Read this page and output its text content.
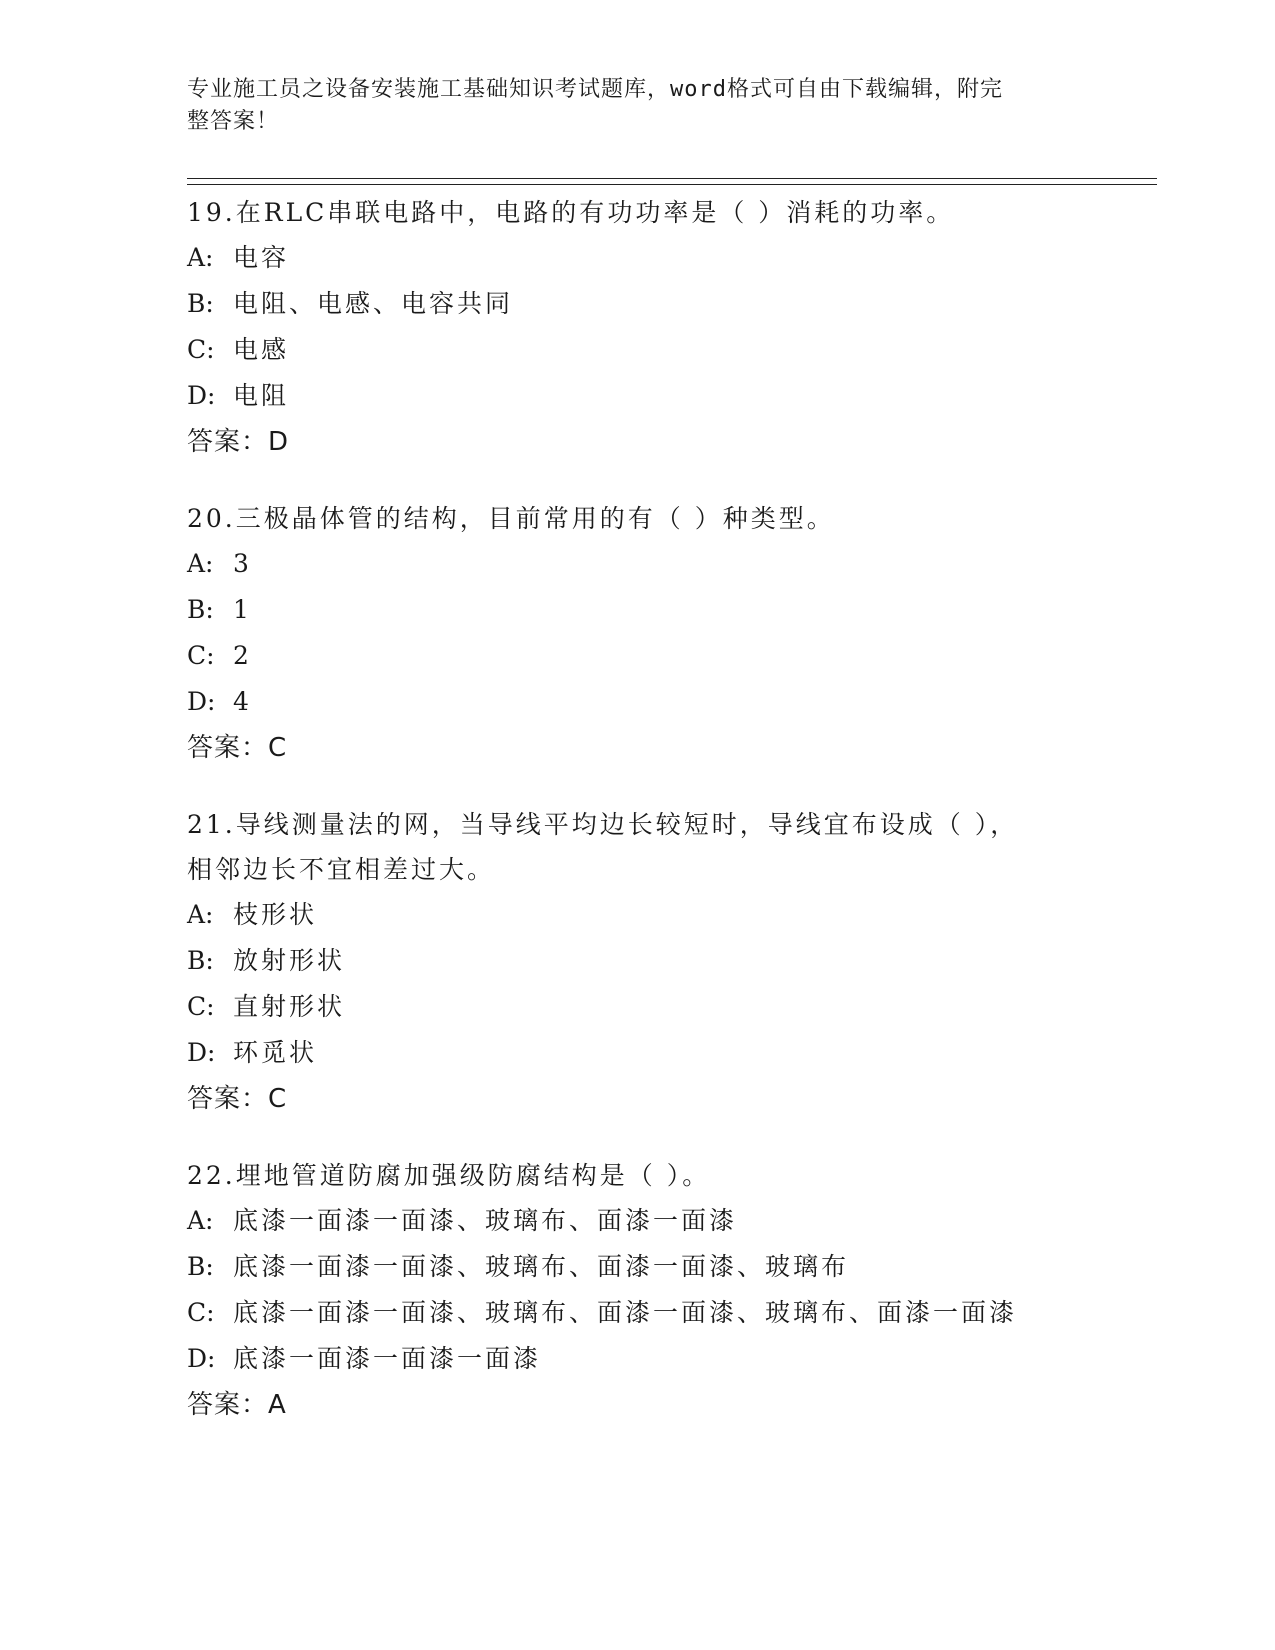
专业施工员之设备安装施工基础知识考试题库，word格式可自由下载编辑，附完
整答案！
19.在RLC串联电路中，电路的有功功率是（ ）消耗的功率。
A: 电容
B: 电阻、电感、电容共同
C: 电感
D: 电阻
答案：D
20.三极晶体管的结构，目前常用的有（ ）种类型。
A: 3
B: 1
C: 2
D: 4
答案：C
21.导线测量法的网，当导线平均边长较短时，导线宜布设成（ ），
相邻边长不宜相差过大。
A: 枝形状
B: 放射形状
C: 直射形状
D: 环觅状
答案：C
22.埋地管道防腐加强级防腐结构是（ ）。
A: 底漆一面漆一面漆、玻璃布、面漆一面漆
B: 底漆一面漆一面漆、玻璃布、面漆一面漆、玻璃布
C: 底漆一面漆一面漆、玻璃布、面漆一面漆、玻璃布、面漆一面漆
D: 底漆一面漆一面漆一面漆
答案：A
